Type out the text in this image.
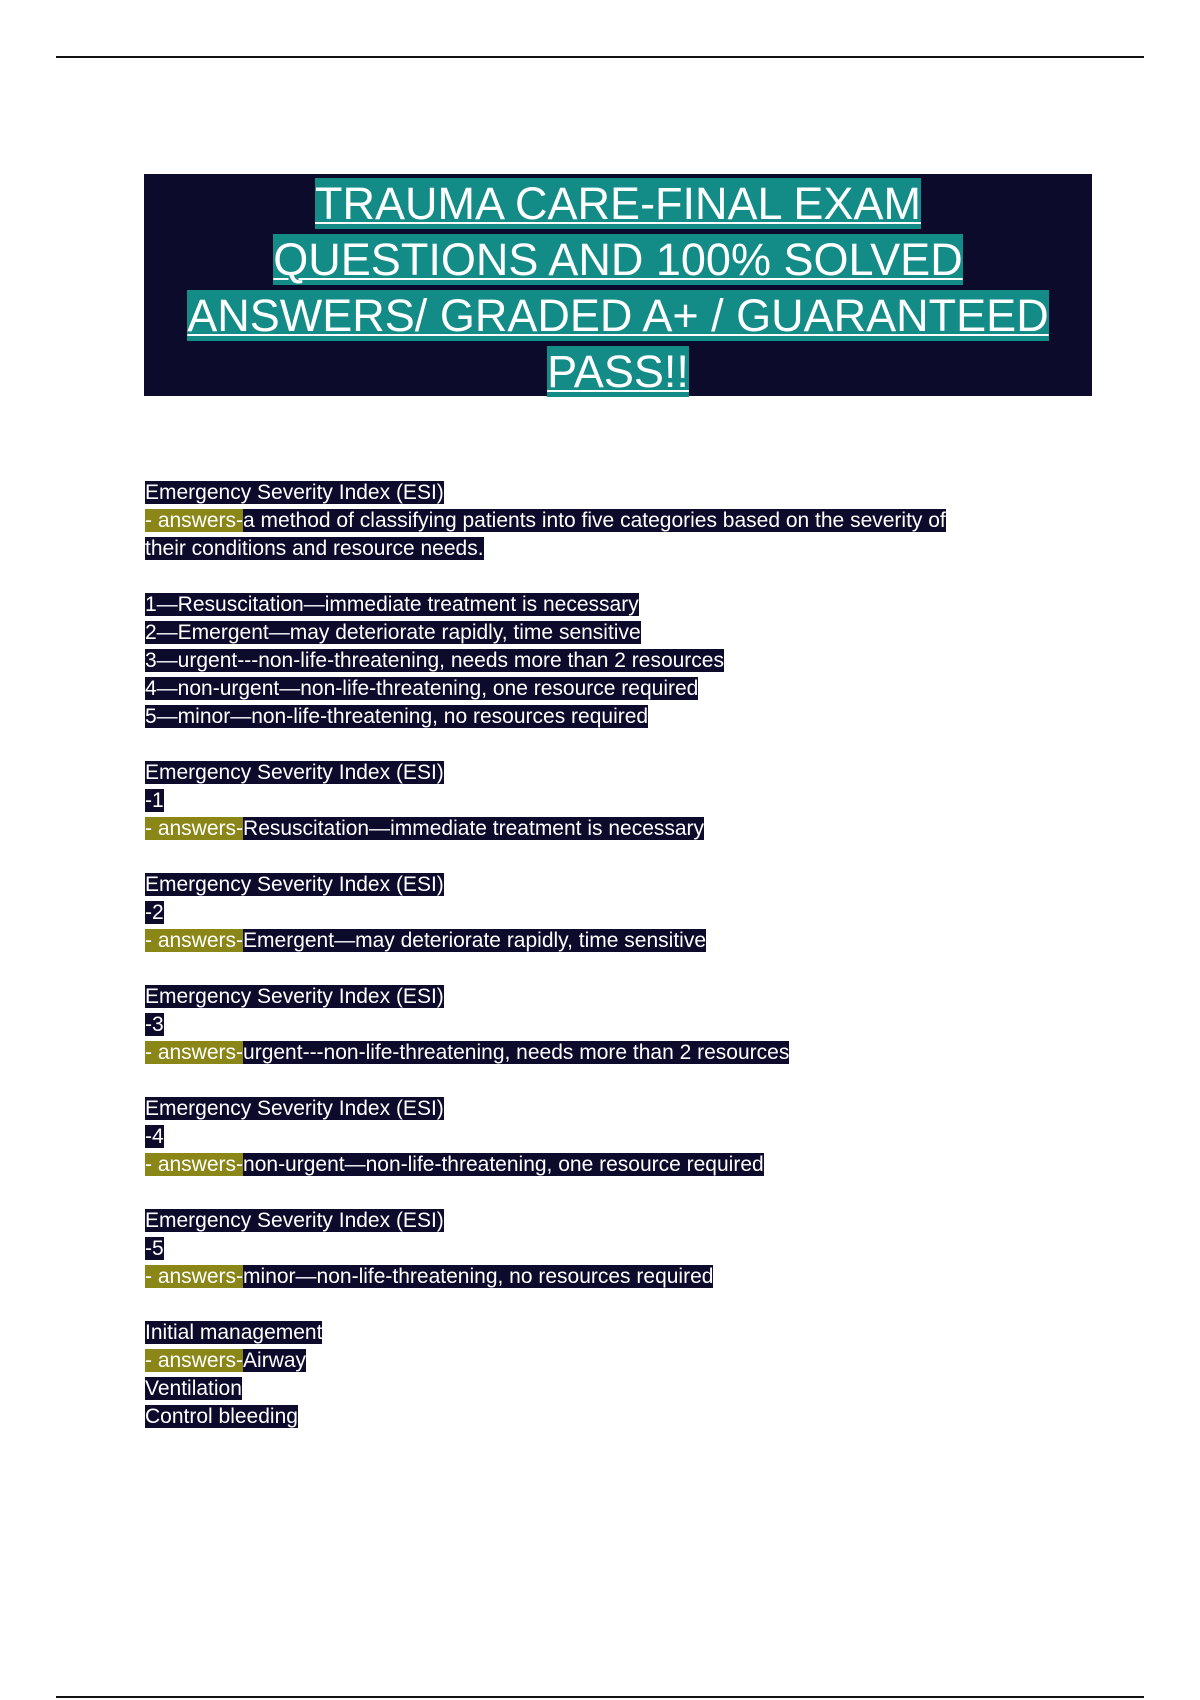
TRAUMA CARE-FINAL EXAM
QUESTIONS AND 100% SOLVED
ANSWERS/ GRADED A+ / GUARANTEED
PASS!!
Emergency Severity Index (ESI)
- answers-a method of classifying patients into five categories based on the severity of
their conditions and resource needs.
1—Resuscitation—immediate treatment is necessary
2—Emergent—may deteriorate rapidly, time sensitive
3—urgent---non-life-threatening, needs more than 2 resources
4—non-urgent—non-life-threatening, one resource required
5—minor—non-life-threatening, no resources required
Emergency Severity Index (ESI)
-1
- answers-Resuscitation—immediate treatment is necessary
Emergency Severity Index (ESI)
-2
- answers-Emergent—may deteriorate rapidly, time sensitive
Emergency Severity Index (ESI)
-3
- answers-urgent---non-life-threatening, needs more than 2 resources
Emergency Severity Index (ESI)
-4
- answers-non-urgent—non-life-threatening, one resource required
Emergency Severity Index (ESI)
-5
- answers-minor—non-life-threatening, no resources required
Initial management
- answers-Airway
Ventilation
Control bleeding
